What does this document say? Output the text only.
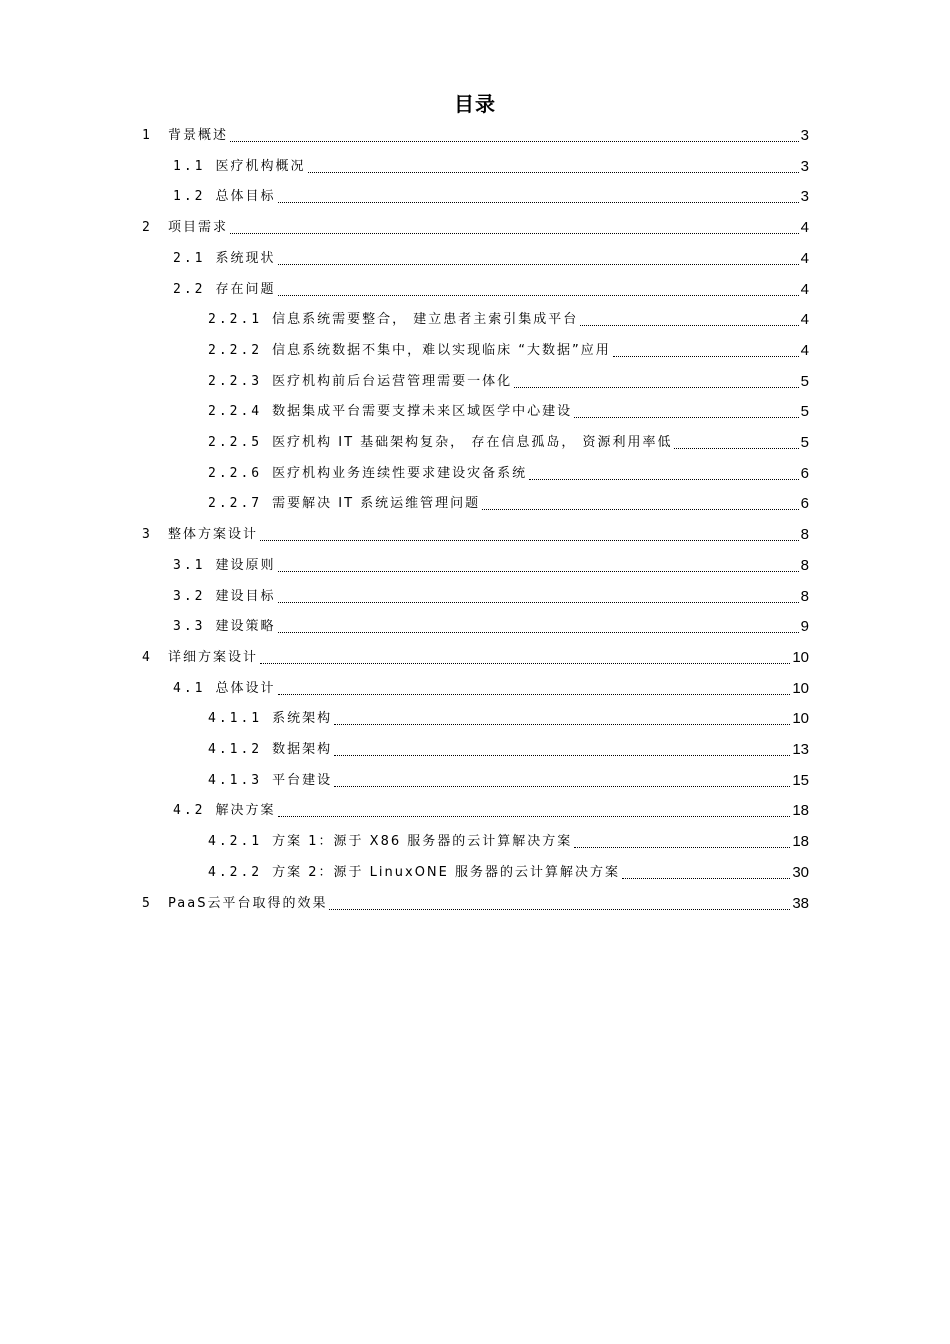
目录
1	背景概述	3
1.1 医疗机构概况	3
1.2 总体目标	3
2	项目需求	4
2.1 系统现状	4
2.2 存在问题	4
2.2.1 信息系统需要整合， 建立患者主索引集成平台	4
2.2.2 信息系统数据不集中，难以实现临床 “大数据”应用	4
2.2.3 医疗机构前后台运营管理需要一体化	5
2.2.4 数据集成平台需要支撑未来区域医学中心建设	5
2.2.5 医疗机构 IT 基础架构复杂， 存在信息孤岛， 资源利用率低	5
2.2.6 医疗机构业务连续性要求建设灾备系统	6
2.2.7 需要解决 IT 系统运维管理问题	6
3	整体方案设计	8
3.1 建设原则	8
3.2 建设目标	8
3.3 建设策略	9
4	详细方案设计	10
4.1 总体设计	10
4.1.1 系统架构	10
4.1.2 数据架构	13
4.1.3 平台建设	15
4.2 解决方案	18
4.2.1 方案 1：源于 X86 服务器的云计算解决方案	18
4.2.2 方案 2：源于 LinuxONE 服务器的云计算解决方案	30
5	PaaS云平台取得的效果	38
